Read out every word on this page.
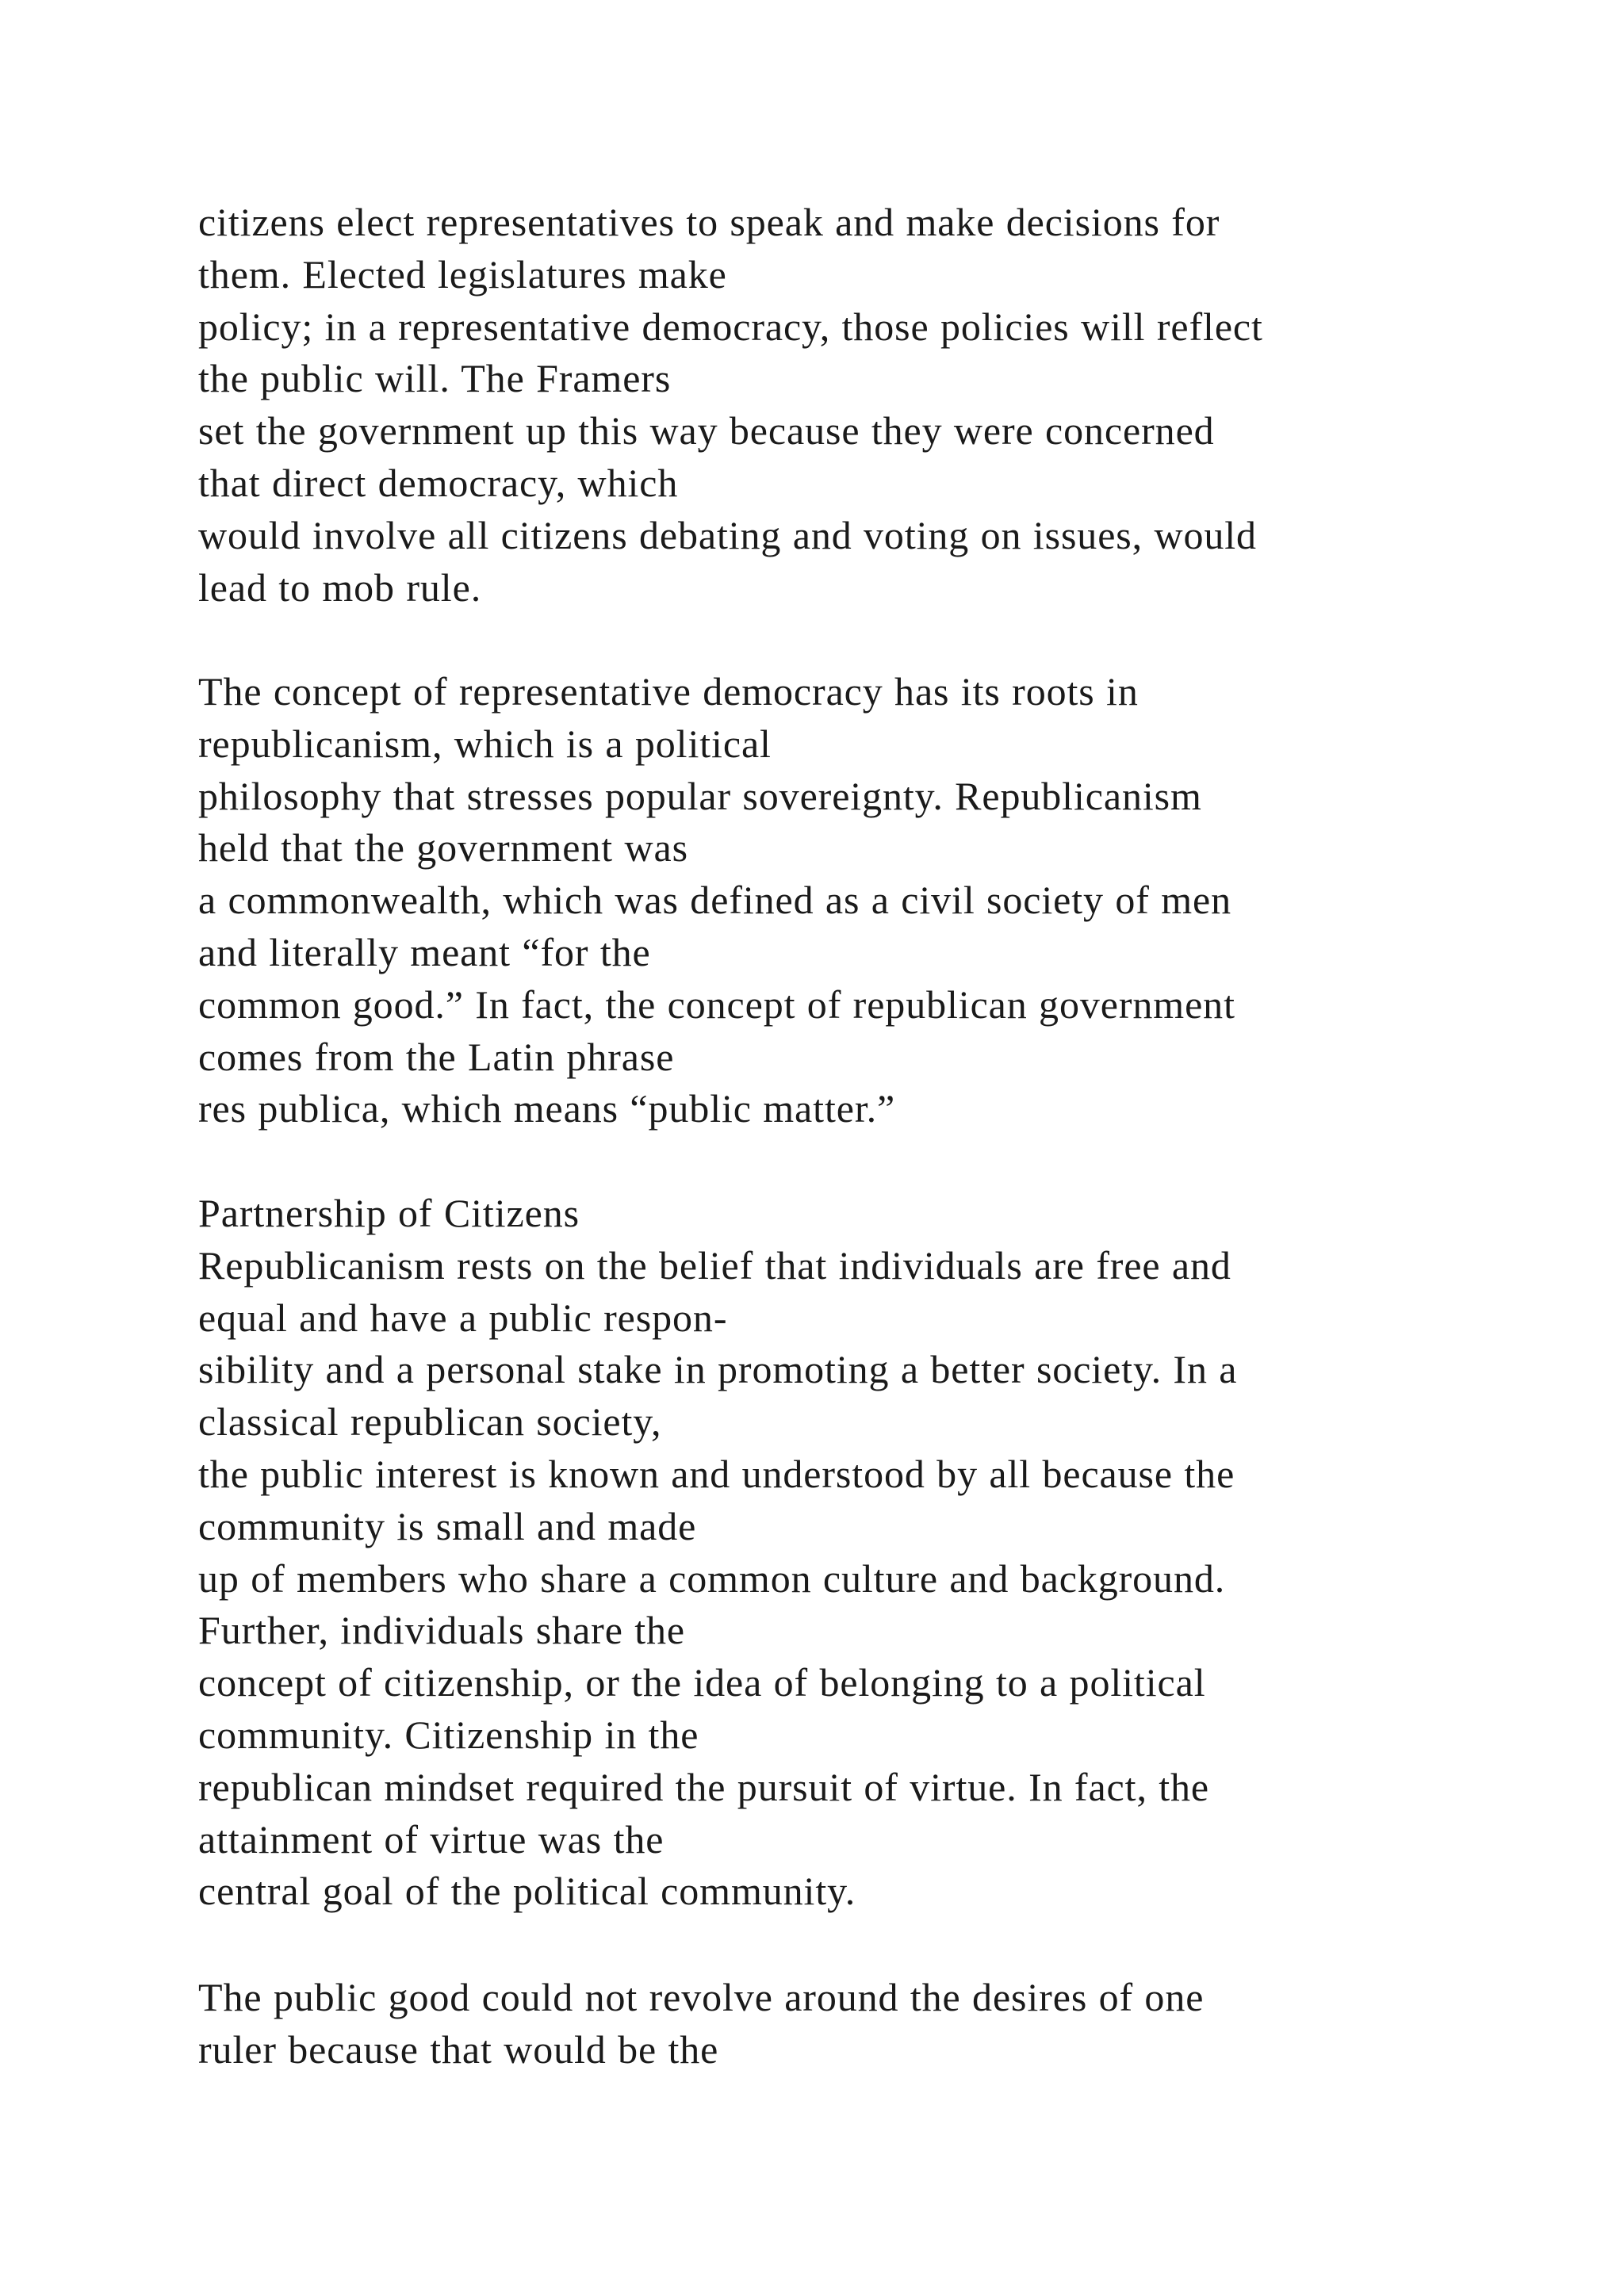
citizens elect representatives to speak and make decisions for
them. Elected legislatures make
policy; in a representative democracy, those policies will reflect
the public will. The Framers
set the government up this way because they were concerned
that direct democracy, which
would involve all citizens debating and voting on issues, would
lead to mob rule.
The concept of representative democracy has its roots in
republicanism, which is a political
philosophy that stresses popular sovereignty. Republicanism
held that the government was
a commonwealth, which was defined as a civil society of men
and literally meant “for the
common good.” In fact, the concept of republican government
comes from the Latin phrase
res publica, which means “public matter.”
Partnership of Citizens
Republicanism rests on the belief that individuals are free and
equal and have a public respon-
sibility and a personal stake in promoting a better society. In a
classical republican society,
the public interest is known and understood by all because the
community is small and made
up of members who share a common culture and background.
Further, individuals share the
concept of citizenship, or the idea of belonging to a political
community. Citizenship in the
republican mindset required the pursuit of virtue. In fact, the
attainment of virtue was the
central goal of the political community.
The public good could not revolve around the desires of one
ruler because that would be the
